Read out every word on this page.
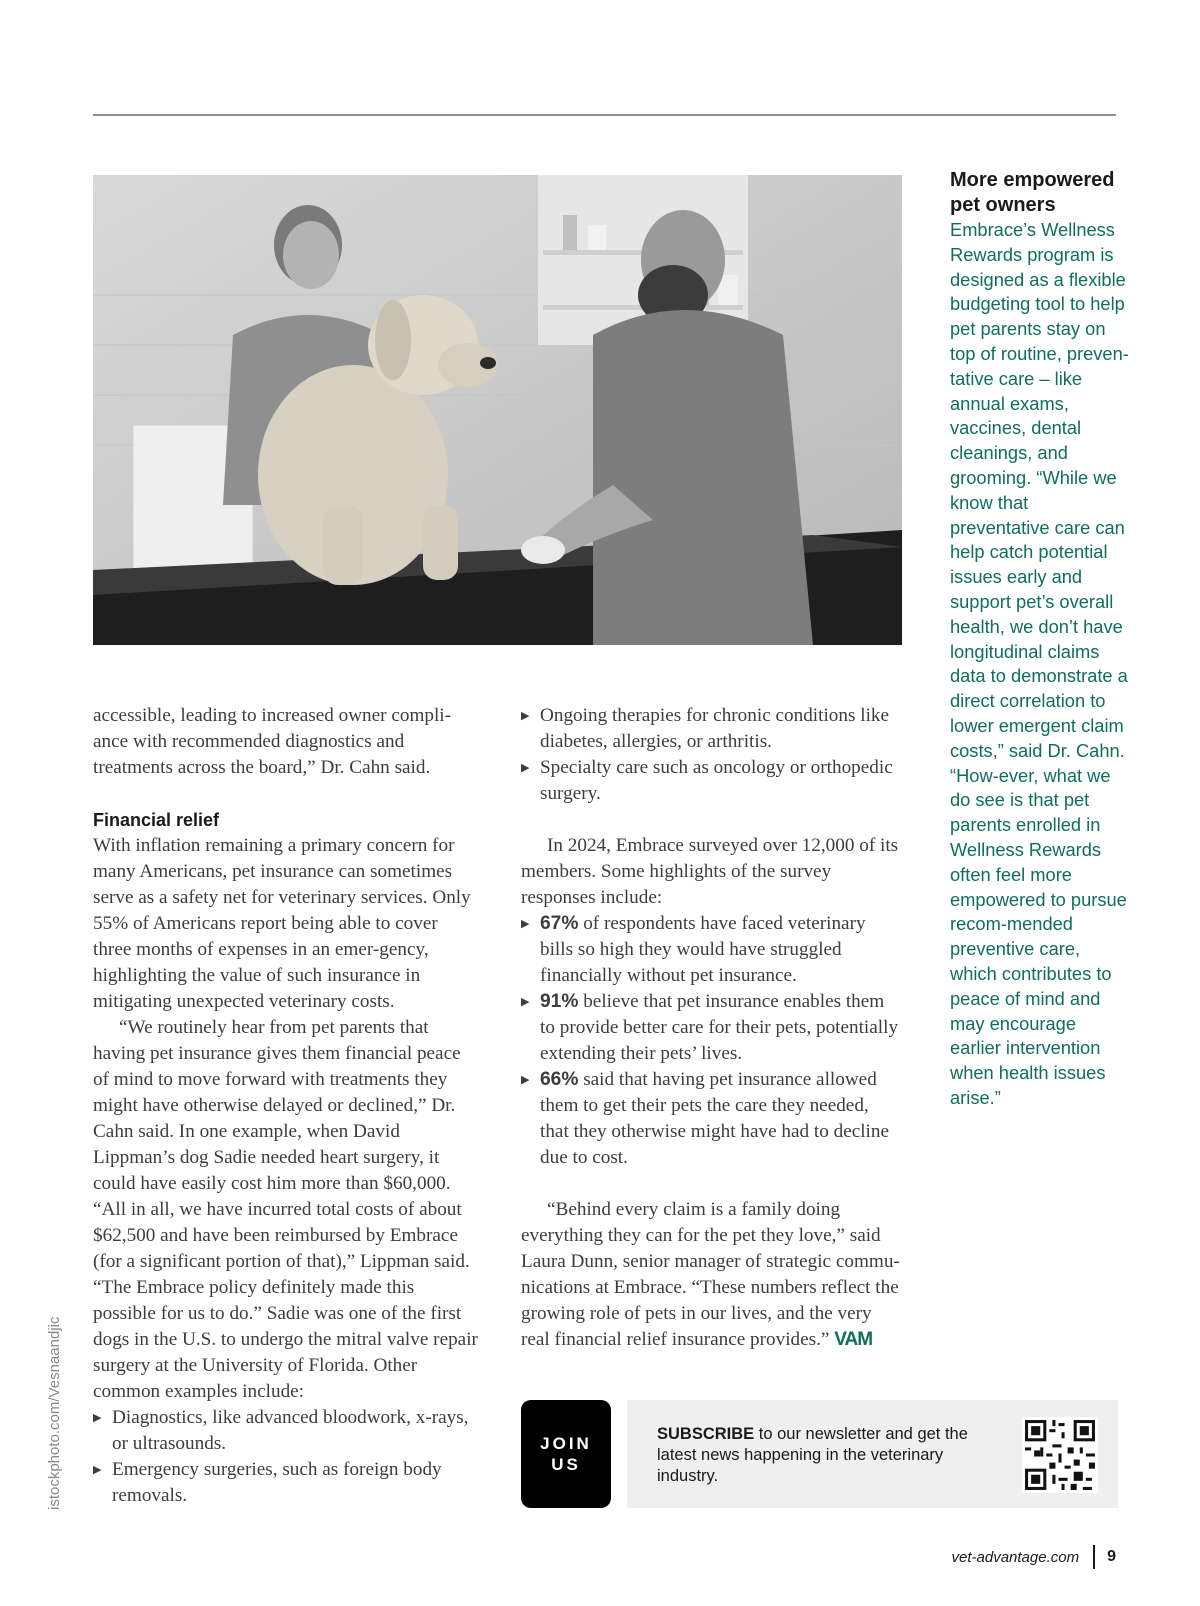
More empowered pet owners

Embrace’s Wellness Rewards program is designed as a flexible budgeting tool to help pet parents stay on top of routine, preven-tative care – like annual exams, vaccines, dental cleanings, and grooming. “While we know that preventative care can help catch potential issues early and support pet’s overall health, we don’t have longitudinal claims data to demonstrate a direct correlation to lower emergent claim costs,” said Dr. Cahn. “How-ever, what we do see is that pet parents enrolled in Wellness Rewards often feel more empowered to pursue recom-mended preventive care, which contributes to peace of mind and may encourage earlier intervention when health issues arise.”

accessible, leading to increased owner compli-ance with recommended diagnostics and treatments across the board,” Dr. Cahn said.

Financial relief

With inflation remaining a primary concern for many Americans, pet insurance can sometimes serve as a safety net for veterinary services. Only 55% of Americans report being able to cover three months of expenses in an emer-gency, highlighting the value of such insurance in mitigating unexpected veterinary costs.

“We routinely hear from pet parents that having pet insurance gives them financial peace of mind to move forward with treatments they might have otherwise delayed or declined,” Dr. Cahn said. In one example, when David Lippman’s dog Sadie needed heart surgery, it could have easily cost him more than $60,000. “All in all, we have incurred total costs of about $62,500 and have been reimbursed by Embrace (for a significant portion of that),” Lippman said. “The Embrace policy definitely made this possible for us to do.” Sadie was one of the first dogs in the U.S. to undergo the mitral valve repair surgery at the University of Florida. Other common examples include:

▶ Diagnostics, like advanced bloodwork, x-rays, or ultrasounds.
▶ Emergency surgeries, such as foreign body removals.
▶ Ongoing therapies for chronic conditions like diabetes, allergies, or arthritis.
▶ Specialty care such as oncology or orthopedic surgery.

In 2024, Embrace surveyed over 12,000 of its members. Some highlights of the survey responses include:

▶ 67% of respondents have faced veterinary bills so high they would have struggled financially without pet insurance.
▶ 91% believe that pet insurance enables them to provide better care for their pets, potentially extending their pets’ lives.
▶ 66% said that having pet insurance allowed them to get their pets the care they needed, that they otherwise might have had to decline due to cost.

“Behind every claim is a family doing everything they can for the pet they love,” said Laura Dunn, senior manager of strategic commu-nications at Embrace. “These numbers reflect the growing role of pets in our lives, and the very real financial relief insurance provides.” VAM

istockphoto.com/Vesnaandjic	JOIN
US
SUBSCRIBE to our newsletter and get the latest news happening in the veterinary industry.
vet-advantage.com 9
